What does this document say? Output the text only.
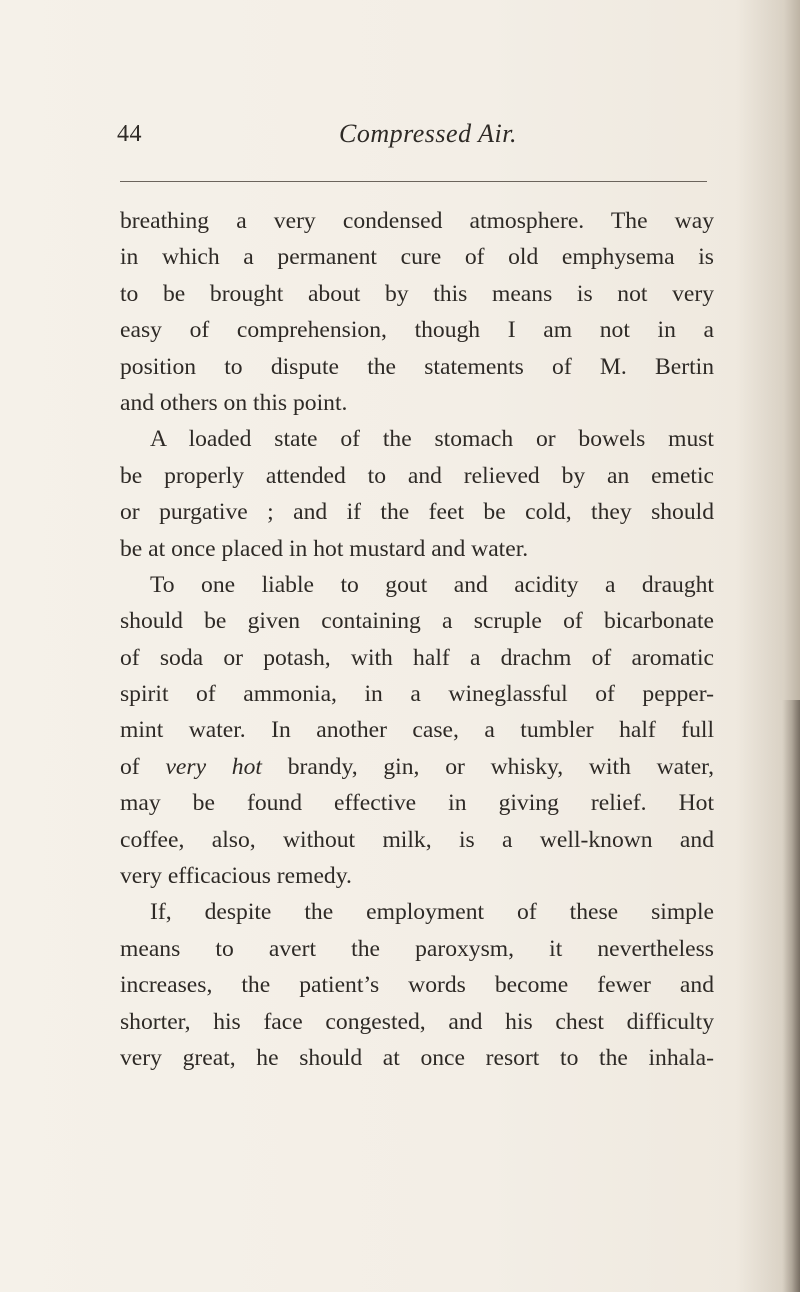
44	Compressed Air.
breathing a very condensed atmosphere. The way
in which a permanent cure of old emphysema is
to be brought about by this means is not very
easy of comprehension, though I am not in a
position to dispute the statements of M. Bertin
and others on this point.
A loaded state of the stomach or bowels must
be properly attended to and relieved by an emetic
or purgative ; and if the feet be cold, they should
be at once placed in hot mustard and water.
To one liable to gout and acidity a draught
should be given containing a scruple of bicarbonate
of soda or potash, with half a drachm of aromatic
spirit of ammonia, in a wineglassful of pepper-
mint water. In another case, a tumbler half full
of very hot brandy, gin, or whisky, with water,
may be found effective in giving relief. Hot
coffee, also, without milk, is a well-known and
very efficacious remedy.
If, despite the employment of these simple
means to avert the paroxysm, it nevertheless
increases, the patient’s words become fewer and
shorter, his face congested, and his chest difficulty
very great, he should at once resort to the inhala-
